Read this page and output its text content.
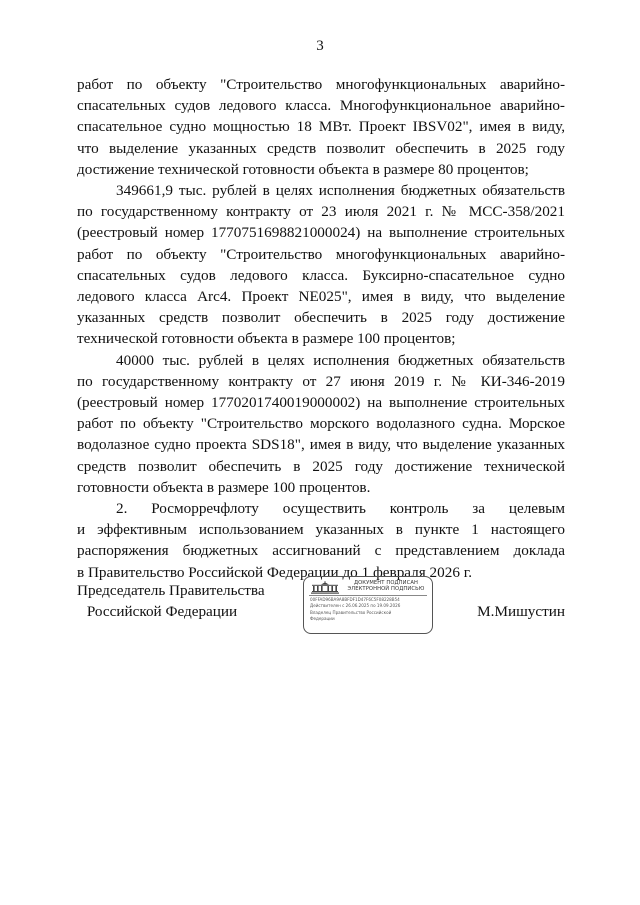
3

работ по объекту "Строительство многофункциональных аварийно-
спасательных судов ледового класса. Многофункциональное аварийно-
спасательное судно мощностью 18 МВт. Проект IBSV02", имея в виду,
что выделение указанных средств позволит обеспечить в 2025 году
достижение технической готовности объекта в размере 80 процентов;

349661,9 тыс. рублей в целях исполнения бюджетных обязательств
по государственному контракту от 23 июля 2021 г. № МСС-358/2021
(реестровый номер 1770751698821000024) на выполнение строительных
работ по объекту "Строительство многофункциональных аварийно-
спасательных судов ледового класса. Буксирно-спасательное судно
ледового класса Arc4. Проект NE025", имея в виду, что выделение
указанных средств позволит обеспечить в 2025 году достижение
технической готовности объекта в размере 100 процентов;

40000 тыс. рублей в целях исполнения бюджетных обязательств
по государственному контракту от 27 июня 2019 г. № КИ-346-2019
(реестровый номер 1770201740019000002) на выполнение строительных
работ по объекту "Строительство морского водолазного судна. Морское
водолазное судно проекта SDS18", имея в виду, что выделение указанных
средств позволит обеспечить в 2025 году достижение технической
готовности объекта в размере 100 процентов.

2. Росморречфлоту осуществить контроль за целевым
и эффективным использованием указанных в пункте 1 настоящего
распоряжения бюджетных ассигнований с представлением доклада
в Правительство Российской Федерации до 1 февраля 2026 г.

Председатель Правительства
Российской Федерации
ДОКУМЕНТ ПОДПИСАН
ЭЛЕКТРОННОЙ ПОДПИСЬЮ
00FFAD96BA9A8BFDF1D47F6C5F08228B54
Действителен с 26.06.2025 по 19.09.2026
Владелец Правительство Российской
Федерации	М.Мишустин
